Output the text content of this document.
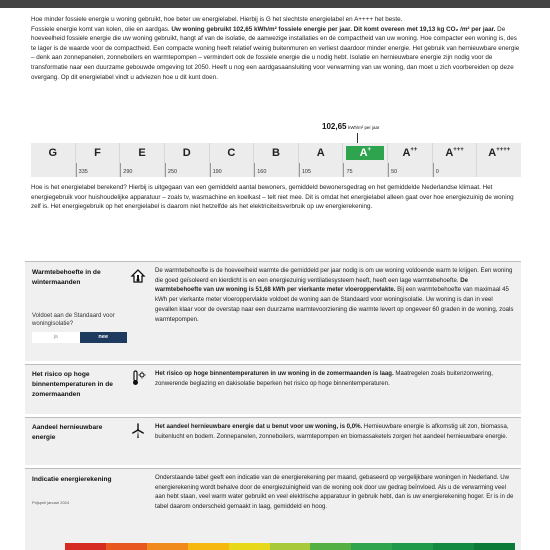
Hoe minder fossiele energie u woning gebruikt, hoe beter uw energielabel. Hierbij is G het slechtste energielabel en A++++ het beste.
Fossiele energie komt van kolen, olie en aardgas. Uw woning gebruikt 102,65 kWh/m² fossiele energie per jaar. Dit komt overeen met 19,13 kg CO₂ /m² per jaar. De hoeveelheid fossiele energie die uw woning gebruikt, hangt af van de isolatie, de aanwezige installaties en de compactheid van uw woning. Hoe compacter een woning is, des te lager is de waarde voor de compactheid. Een compacte woning heeft relatief weinig buitenmuren en verliest daardoor minder energie. Het gebruik van hernieuwbare energie – denk aan zonnepanelen, zonneboilers en warmtepompen – vermindert ook de fossiele energie die u nodig hebt. Isolatie en hernieuwbare energie zijn nodig voor de transformatie naar een duurzame gebouwde omgeving tot 2050. Heeft u nog een aardgasaansluiting voor verwarming van uw woning, dan moet u zich voorbereiden op deze overgang. Op dit energielabel vindt u adviezen hoe u dit kunt doen.
102,65 kWh/m² per jaar
G	F
335
E
290
D
250
C
190
B
160
A
105
A+
75
A++
50
A+++
0
A++++
Hoe is het energielabel berekend? Hierbij is uitgegaan van een gemiddeld aantal bewoners, gemiddeld bewonersgedrag en het gemiddelde Nederlandse klimaat. Het energiegebruik voor huishoudelijke apparatuur – zoals tv, wasmachine en koelkast – telt niet mee. Dit is omdat het energielabel alleen gaat over hoe energiezuinig de woning zelf is. Het energiegebruik op het energielabel is daarom niet hetzelfde als het elektriciteitsverbruik op uw energierekening.
Warmtebehoefte in de wintermaanden
De warmtebehoefte is de hoeveelheid warmte die gemiddeld per jaar nodig is om uw woning voldoende warm te krijgen. Een woning die goed geïsoleerd en kierdicht is en een energiezuinig ventilatiesysteem heeft, heeft een lage warmtebehoefte. De warmtebehoefte van uw woning is 51,68 kWh per vierkante meter vloeroppervlakte. Bij een warmtebehoefte van maximaal 45 kWh per vierkante meter vloeroppervlakte voldoet de woning aan de Standaard voor woningisolatie. Uw woning is dan in veel gevallen klaar voor de overstap naar een duurzame warmtevoorziening die warmte levert op ongeveer 60 graden in de woning, zoals warmtepompen.
Voldoet aan de Standaard voor woningisolatie?
ja	nee
Het risico op hoge binnentemperaturen in de zomermaanden
Het risico op hoge binnentemperaturen in uw woning in de zomermaanden is laag. Maatregelen zoals buitenzonwering, zonwerende beglazing en dakisolatie beperken het risico op hoge binnentemperaturen.
Aandeel hernieuwbare energie
Het aandeel hernieuwbare energie dat u benut voor uw woning, is 0,0%. Hernieuwbare energie is afkomstig uit zon, biomassa, buitenlucht en bodem. Zonnepanelen, zonneboilers, warmtepompen en biomassaketels zorgen het aandeel hernieuwbare energie.
Indicatie energierekening
Prijspeil januari 2024
Onderstaande tabel geeft een indicatie van de energierekening per maand, gebaseerd op vergelijkbare woningen in Nederland. Uw energierekening wordt behalve door de energiezuinigheid van de woning ook door uw gedrag beïnvloed. Als u de verwarming veel aan hebt staan, veel warm water gebruikt en veel elektrische apparatuur in gebruik hebt, dan is uw energierekening hoger. Er is in de tabel daarom onderscheid gemaakt in laag, gemiddeld en hoog.
